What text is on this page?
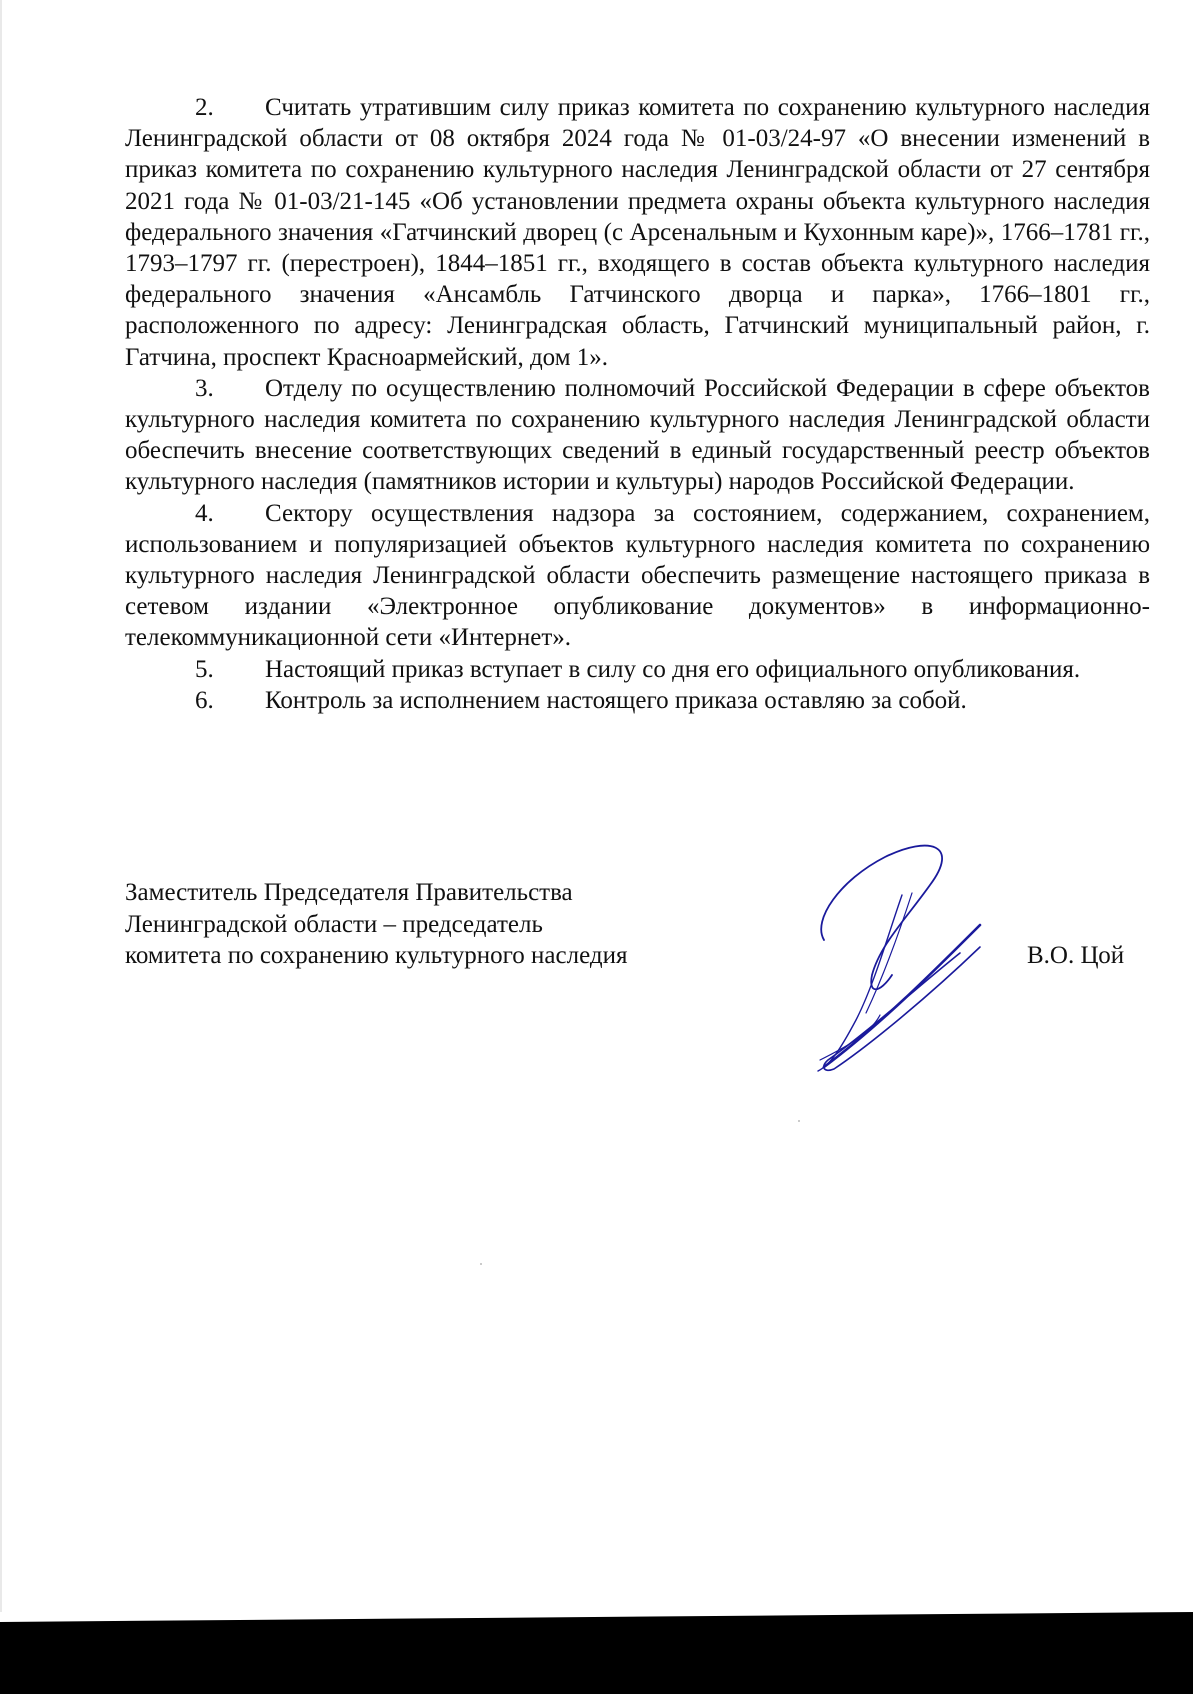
2. Считать утратившим силу приказ комитета по сохранению культурного наследия Ленинградской области от 08 октября 2024 года № 01-03/24-97 «О внесении изменений в приказ комитета по сохранению культурного наследия Ленинградской области от 27 сентября 2021 года № 01-03/21-145 «Об установлении предмета охраны объекта культурного наследия федерального значения «Гатчинский дворец (с Арсенальным и Кухонным каре)», 1766–1781 гг., 1793–1797 гг. (перестроен), 1844–1851 гг., входящего в состав объекта культурного наследия федерального значения «Ансамбль Гатчинского дворца и парка», 1766–1801 гг., расположенного по адресу: Ленинградская область, Гатчинский муниципальный район, г. Гатчина, проспект Красноармейский, дом 1».

3. Отделу по осуществлению полномочий Российской Федерации в сфере объектов культурного наследия комитета по сохранению культурного наследия Ленинградской области обеспечить внесение соответствующих сведений в единый государственный реестр объектов культурного наследия (памятников истории и культуры) народов Российской Федерации.

4. Сектору осуществления надзора за состоянием, содержанием, сохранением, использованием и популяризацией объектов культурного наследия комитета по сохранению культурного наследия Ленинградской области обеспечить размещение настоящего приказа в сетевом издании «Электронное опубликование документов» в информационно-телекоммуникационной сети «Интернет».

5. Настоящий приказ вступает в силу со дня его официального опубликования.

6. Контроль за исполнением настоящего приказа оставляю за собой.

Заместитель Председателя Правительства
Ленинградской области – председатель
комитета по сохранению культурного наследия	В.О. Цой
